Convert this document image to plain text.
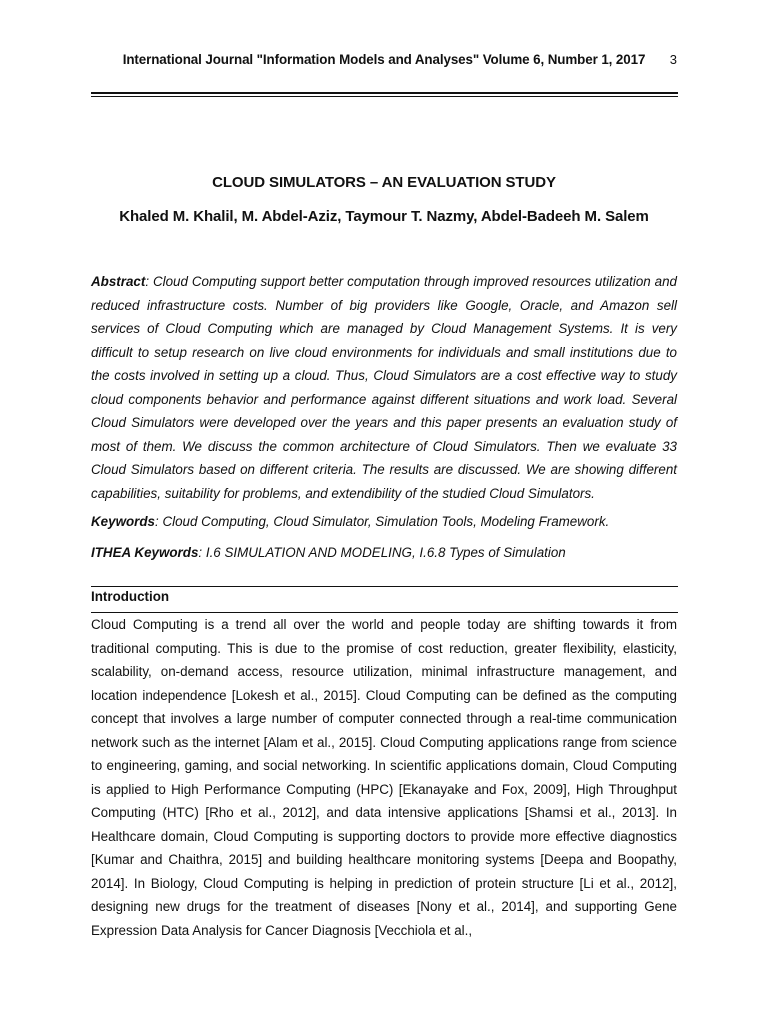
International Journal "Information Models and Analyses" Volume 6, Number 1, 2017	3
CLOUD SIMULATORS – AN EVALUATION STUDY
Khaled M. Khalil, M. Abdel-Aziz, Taymour T. Nazmy, Abdel-Badeeh M. Salem

Abstract: Cloud Computing support better computation through improved resources utilization and reduced infrastructure costs. Number of big providers like Google, Oracle, and Amazon sell services of Cloud Computing which are managed by Cloud Management Systems. It is very difficult to setup research on live cloud environments for individuals and small institutions due to the costs involved in setting up a cloud. Thus, Cloud Simulators are a cost effective way to study cloud components behavior and performance against different situations and work load. Several Cloud Simulators were developed over the years and this paper presents an evaluation study of most of them. We discuss the common architecture of Cloud Simulators. Then we evaluate 33 Cloud Simulators based on different criteria. The results are discussed. We are showing different capabilities, suitability for problems, and extendibility of the studied Cloud Simulators.

Keywords: Cloud Computing, Cloud Simulator, Simulation Tools, Modeling Framework.

ITHEA Keywords: I.6 SIMULATION AND MODELING, I.6.8 Types of Simulation

Introduction

Cloud Computing is a trend all over the world and people today are shifting towards it from traditional computing. This is due to the promise of cost reduction, greater flexibility, elasticity, scalability, on-demand access, resource utilization, minimal infrastructure management, and location independence [Lokesh et al., 2015]. Cloud Computing can be defined as the computing concept that involves a large number of computer connected through a real-time communication network such as the internet [Alam et al., 2015]. Cloud Computing applications range from science to engineering, gaming, and social networking. In scientific applications domain, Cloud Computing is applied to High Performance Computing (HPC) [Ekanayake and Fox, 2009], High Throughput Computing (HTC) [Rho et al., 2012], and data intensive applications [Shamsi et al., 2013]. In Healthcare domain, Cloud Computing is supporting doctors to provide more effective diagnostics [Kumar and Chaithra, 2015] and building healthcare monitoring systems [Deepa and Boopathy, 2014]. In Biology, Cloud Computing is helping in prediction of protein structure [Li et al., 2012], designing new drugs for the treatment of diseases [Nony et al., 2014], and supporting Gene Expression Data Analysis for Cancer Diagnosis [Vecchiola et al.,
